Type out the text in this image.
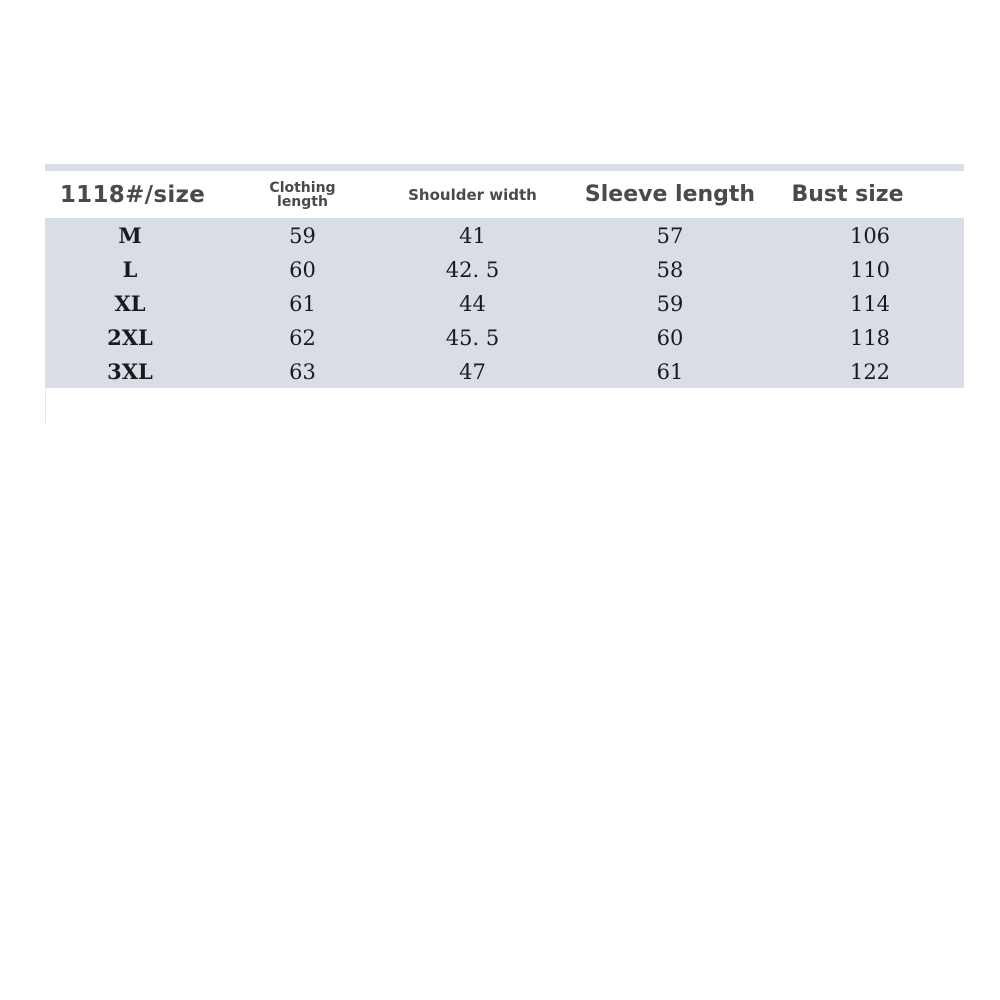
1118#/size	Clothing length	Shoulder width	Sleeve length	Bust size
M	59	41	57	106
L	60	42. 5	58	110
XL	61	44	59	114
2XL	62	45. 5	60	118
3XL	63	47	61	122
